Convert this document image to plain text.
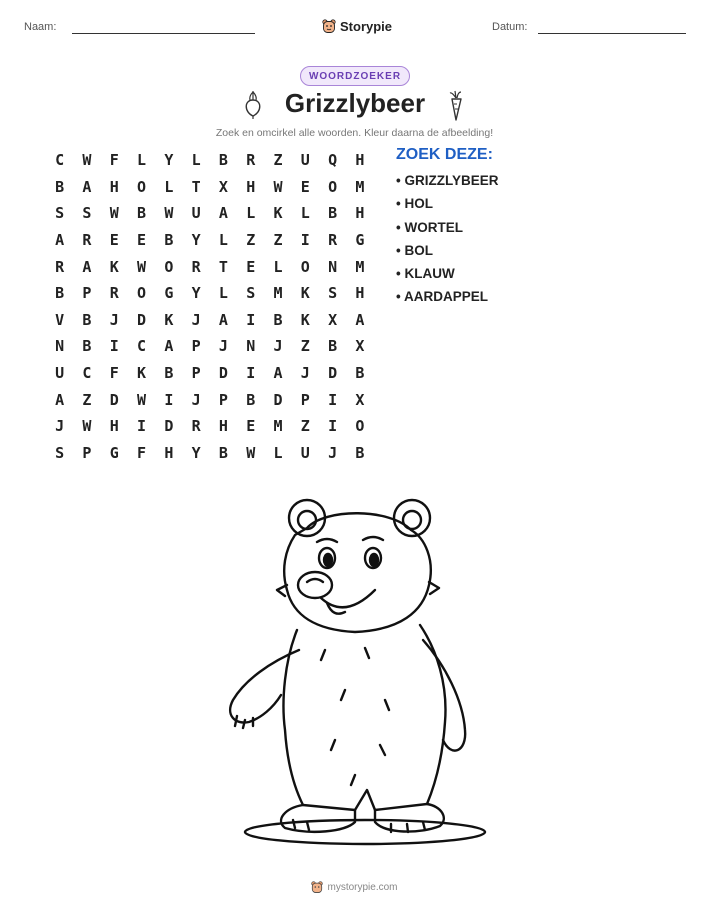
Naam:	Storypie	Datum:
WOORDZOEKER
Grizzlybeer
Zoek en omcirkel alle woorden. Kleur daarna de afbeelding!
C	W	F	L	Y	L	B	R	Z	U	Q	H
B	A	H	O	L	T	X	H	W	E	O	M
S	S	W	B	W	U	A	L	K	L	B	H
A	R	E	E	B	Y	L	Z	Z	I	R	G
R	A	K	W	O	R	T	E	L	O	N	M
B	P	R	O	G	Y	L	S	M	K	S	H
V	B	J	D	K	J	A	I	B	K	X	A
N	B	I	C	A	P	J	N	J	Z	B	X
U	C	F	K	B	P	D	I	A	J	D	B
A	Z	D	W	I	J	P	B	D	P	I	X
J	W	H	I	D	R	H	E	M	Z	I	O
S	P	G	F	H	Y	B	W	L	U	J	B
ZOEK DEZE:
• GRIZZLYBEER
• HOL
• WORTEL
• BOL
• KLAUW
• AARDAPPEL
mystorypie.com
